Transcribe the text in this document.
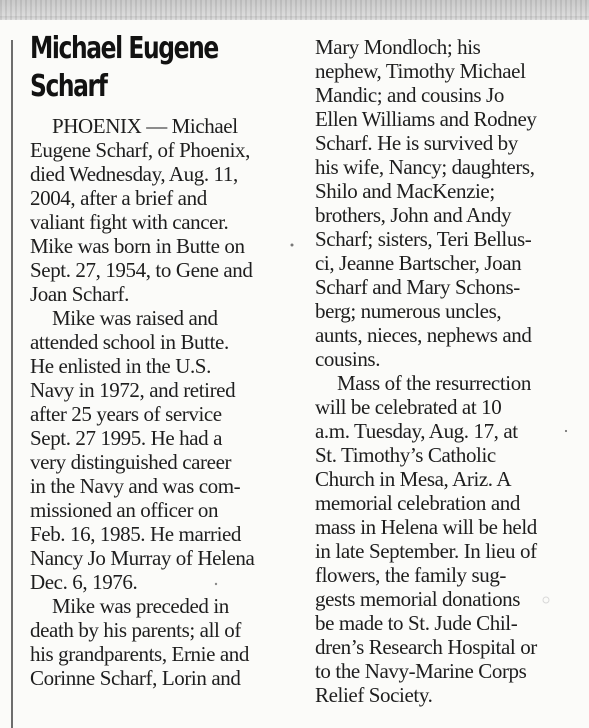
Michael Eugene
Scharf
PHOENIX — Michael
Eugene Scharf, of Phoenix,
died Wednesday, Aug. 11,
2004, after a brief and
valiant fight with cancer.
Mike was born in Butte on
Sept. 27, 1954, to Gene and
Joan Scharf.
Mike was raised and
attended school in Butte.
He enlisted in the U.S.
Navy in 1972, and retired
after 25 years of service
Sept. 27 1995. He had a
very distinguished career
in the Navy and was com-
missioned an officer on
Feb. 16, 1985. He married
Nancy Jo Murray of Helena
Dec. 6, 1976.
Mike was preceded in
death by his parents; all of
his grandparents, Ernie and
Corinne Scharf, Lorin and
Mary Mondloch; his
nephew, Timothy Michael
Mandic; and cousins Jo
Ellen Williams and Rodney
Scharf. He is survived by
his wife, Nancy; daughters,
Shilo and MacKenzie;
brothers, John and Andy
Scharf; sisters, Teri Bellus-
ci, Jeanne Bartscher, Joan
Scharf and Mary Schons-
berg; numerous uncles,
aunts, nieces, nephews and
cousins.
Mass of the resurrection
will be celebrated at 10
a.m. Tuesday, Aug. 17, at
St. Timothy’s Catholic
Church in Mesa, Ariz. A
memorial celebration and
mass in Helena will be held
in late September. In lieu of
flowers, the family sug-
gests memorial donations
be made to St. Jude Chil-
dren’s Research Hospital or
to the Navy-Marine Corps
Relief Society.
